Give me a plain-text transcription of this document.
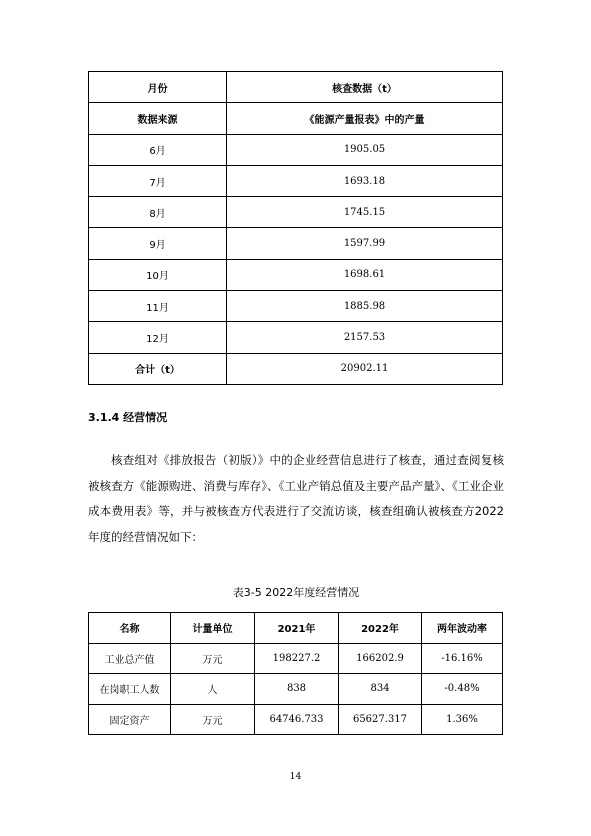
月份	核查数据（t）
数据来源	《能源产量报表》中的产量
6月	1905.05
7月	1693.18
8月	1745.15
9月	1597.99
10月	1698.61
11月	1885.98
12月	2157.53
合计（t）	20902.11
3.1.4 经营情况

核查组对《排放报告（初版）》中的企业经营信息进行了核查，通过查阅复核被核查方《能源购进、消费与库存》、《工业产销总值及主要产品产量》、《工业企业成本费用表》等，并与被核查方代表进行了交流访谈，核查组确认被核查方2022年度的经营情况如下：

表3-5 2022年度经营情况
名称	计量单位	2021年	2022年	两年波动率
工业总产值	万元	198227.2	166202.9	-16.16%
在岗职工人数	人	838	834	-0.48%
固定资产	万元	64746.733	65627.317	1.36%
14
